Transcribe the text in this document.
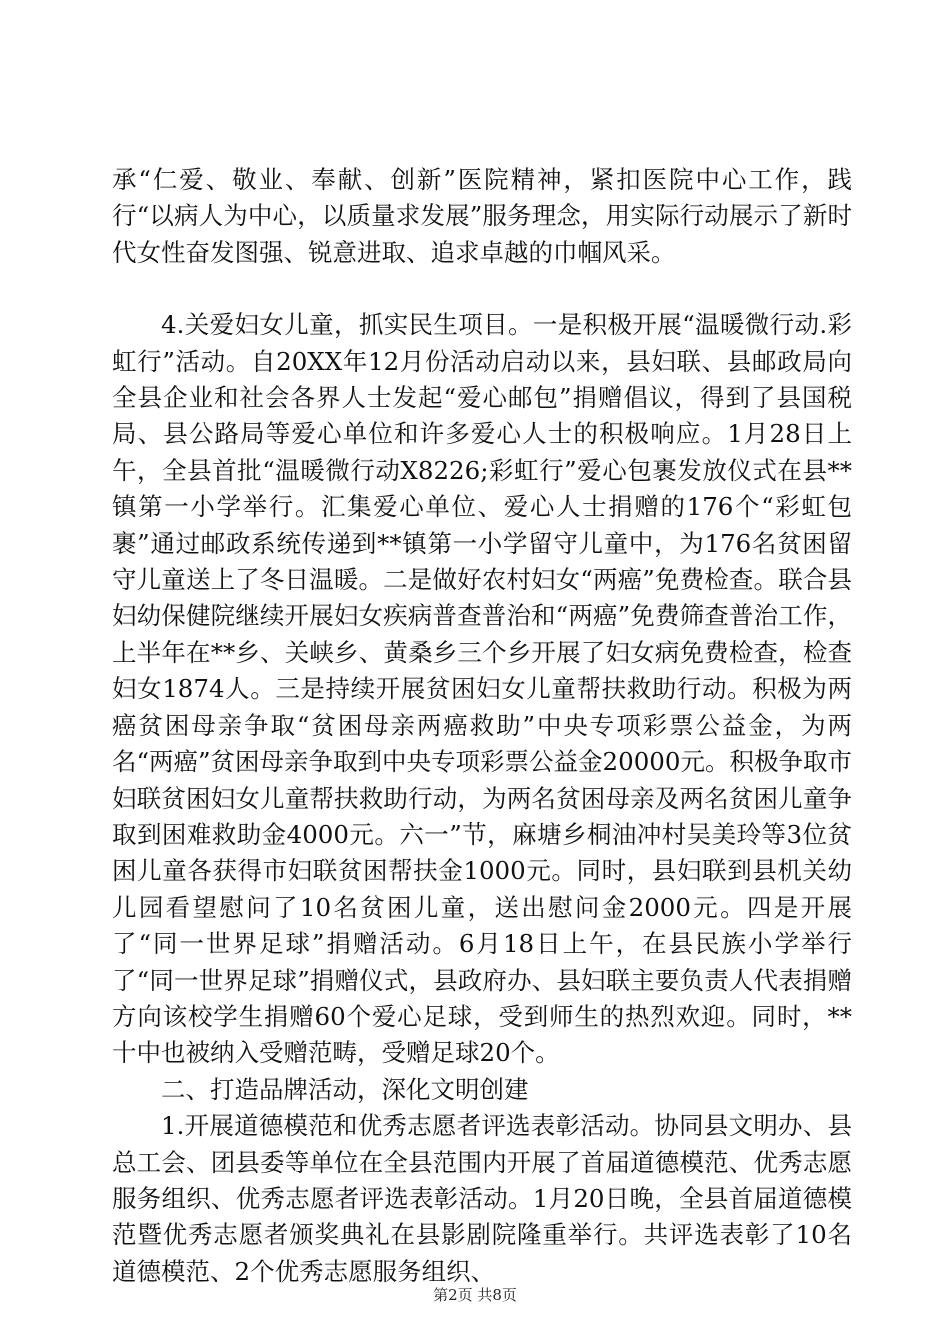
承“仁爱、敬业、奉献、创新”医院精神，紧扣医院中心工作，践行“以病人为中心，以质量求发展”服务理念，用实际行动展示了新时代女性奋发图强、锐意进取、追求卓越的巾帼风采。

4.关爱妇女儿童，抓实民生项目。一是积极开展“温暖微行动.彩虹行”活动。自20XX年12月份活动启动以来，县妇联、县邮政局向全县企业和社会各界人士发起“爱心邮包”捐赠倡议，得到了县国税局、县公路局等爱心单位和许多爱心人士的积极响应。1月28日上午，全县首批“温暖微行动X8226;彩虹行”爱心包裹发放仪式在县**镇第一小学举行。汇集爱心单位、爱心人士捐赠的176个“彩虹包裹”通过邮政系统传递到**镇第一小学留守儿童中，为176名贫困留守儿童送上了冬日温暖。二是做好农村妇女“两癌”免费检查。联合县妇幼保健院继续开展妇女疾病普查普治和“两癌”免费筛查普治工作，上半年在**乡、关峡乡、黄桑乡三个乡开展了妇女病免费检查，检查妇女1874人。三是持续开展贫困妇女儿童帮扶救助行动。积极为两癌贫困母亲争取“贫困母亲两癌救助”中央专项彩票公益金，为两名“两癌”贫困母亲争取到中央专项彩票公益金20000元。积极争取市妇联贫困妇女儿童帮扶救助行动，为两名贫困母亲及两名贫困儿童争取到困难救助金4000元。六一”节，麻塘乡桐油冲村吴美玲等3位贫困儿童各获得市妇联贫困帮扶金1000元。同时，县妇联到县机关幼儿园看望慰问了10名贫困儿童，送出慰问金2000元。四是开展了“同一世界足球”捐赠活动。6月18日上午，在县民族小学举行了“同一世界足球”捐赠仪式，县政府办、县妇联主要负责人代表捐赠方向该校学生捐赠60个爱心足球，受到师生的热烈欢迎。同时，**十中也被纳入受赠范畴，受赠足球20个。

二、打造品牌活动，深化文明创建

1.开展道德模范和优秀志愿者评选表彰活动。协同县文明办、县总工会、团县委等单位在全县范围内开展了首届道德模范、优秀志愿服务组织、优秀志愿者评选表彰活动。1月20日晚，全县首届道德模范暨优秀志愿者颁奖典礼在县影剧院隆重举行。共评选表彰了10名道德模范、2个优秀志愿服务组织、

第2页 共8页
